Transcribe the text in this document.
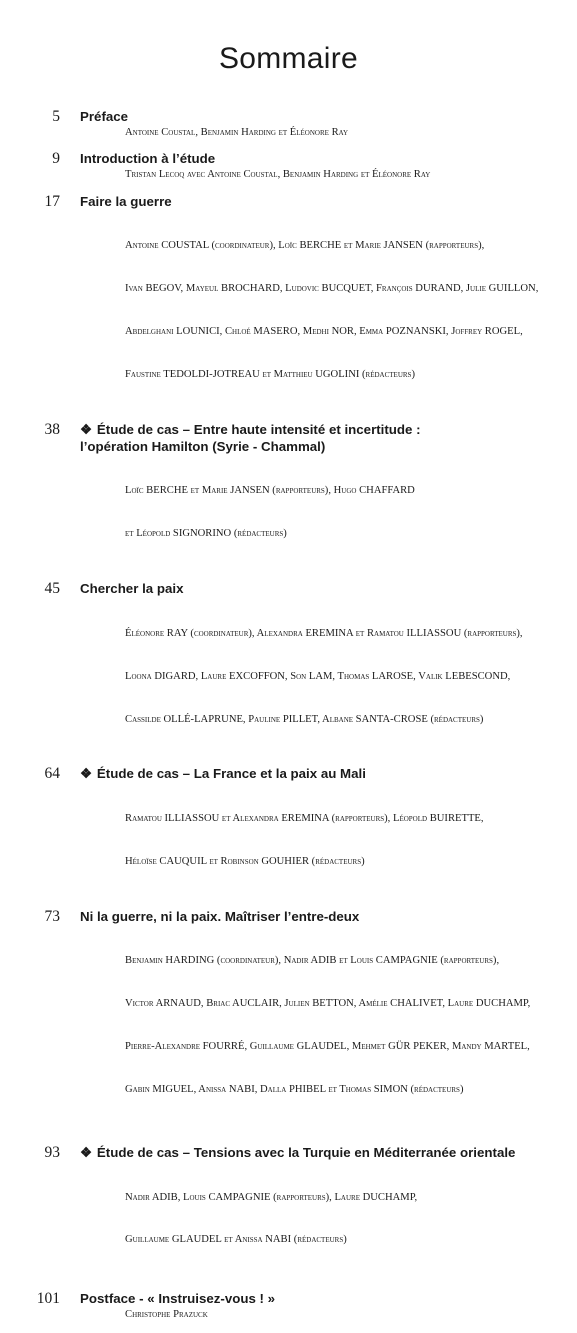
Sommaire
5 Préface

Antoine Coustal, Benjamin Harding et Éléonore Ray
9 Introduction à l’étude

Tristan Lecoq avec Antoine Coustal, Benjamin Harding et Éléonore Ray
17 Faire la guerre

Antoine COUSTAL (coordinateur), Loïc BERCHE et Marie JANSEN (rapporteurs),

Ivan BEGOV, Mayeul BROCHARD, Ludovic BUCQUET, François DURAND, Julie GUILLON,

Abdelghani LOUNICI, Chloé MASERO, Medhi NOR, Emma POZNANSKI, Joffrey ROGEL,

Faustine TEDOLDI-JOTREAU et Matthieu UGOLINI (rédacteurs)

38 ❖ Étude de cas – Entre haute intensité et incertitude :

l’opération Hamilton (Syrie - Chammal)

Loïc BERCHE et Marie JANSEN (rapporteurs), Hugo CHAFFARD

et Léopold SIGNORINO (rédacteurs)

45 Chercher la paix

Éléonore RAY (coordinateur), Alexandra EREMINA et Ramatou ILLIASSOU (rapporteurs),

Loona DIGARD, Laure EXCOFFON, Son LAM, Thomas LAROSE, Valik LEBESCOND,

Cassilde OLLÉ-LAPRUNE, Pauline PILLET, Albane SANTA-CROSE (rédacteurs)

64 ❖ Étude de cas – La France et la paix au Mali

Ramatou ILLIASSOU et Alexandra EREMINA (rapporteurs), Léopold BUIRETTE,

Héloïse CAUQUIL et Robinson GOUHIER (rédacteurs)

73 Ni la guerre, ni la paix. Maîtriser l’entre-deux

Benjamin HARDING (coordinateur), Nadir ADIB et Louis CAMPAGNIE (rapporteurs),

Victor ARNAUD, Briac AUCLAIR, Julien BETTON, Amélie CHALIVET, Laure DUCHAMP,

Pierre-Alexandre FOURRÉ, Guillaume GLAUDEL, Mehmet GÜR PEKER, Mandy MARTEL,

Gabin MIGUEL, Anissa NABI, Dalla PHIBEL et Thomas SIMON (rédacteurs)

93 ❖ Étude de cas – Tensions avec la Turquie en Méditerranée orientale

Nadir ADIB, Louis CAMPAGNIE (rapporteurs), Laure DUCHAMP,

Guillaume GLAUDEL et Anissa NABI (rédacteurs)

101 Postface - « Instruisez-vous ! »

Christophe Prazuck
